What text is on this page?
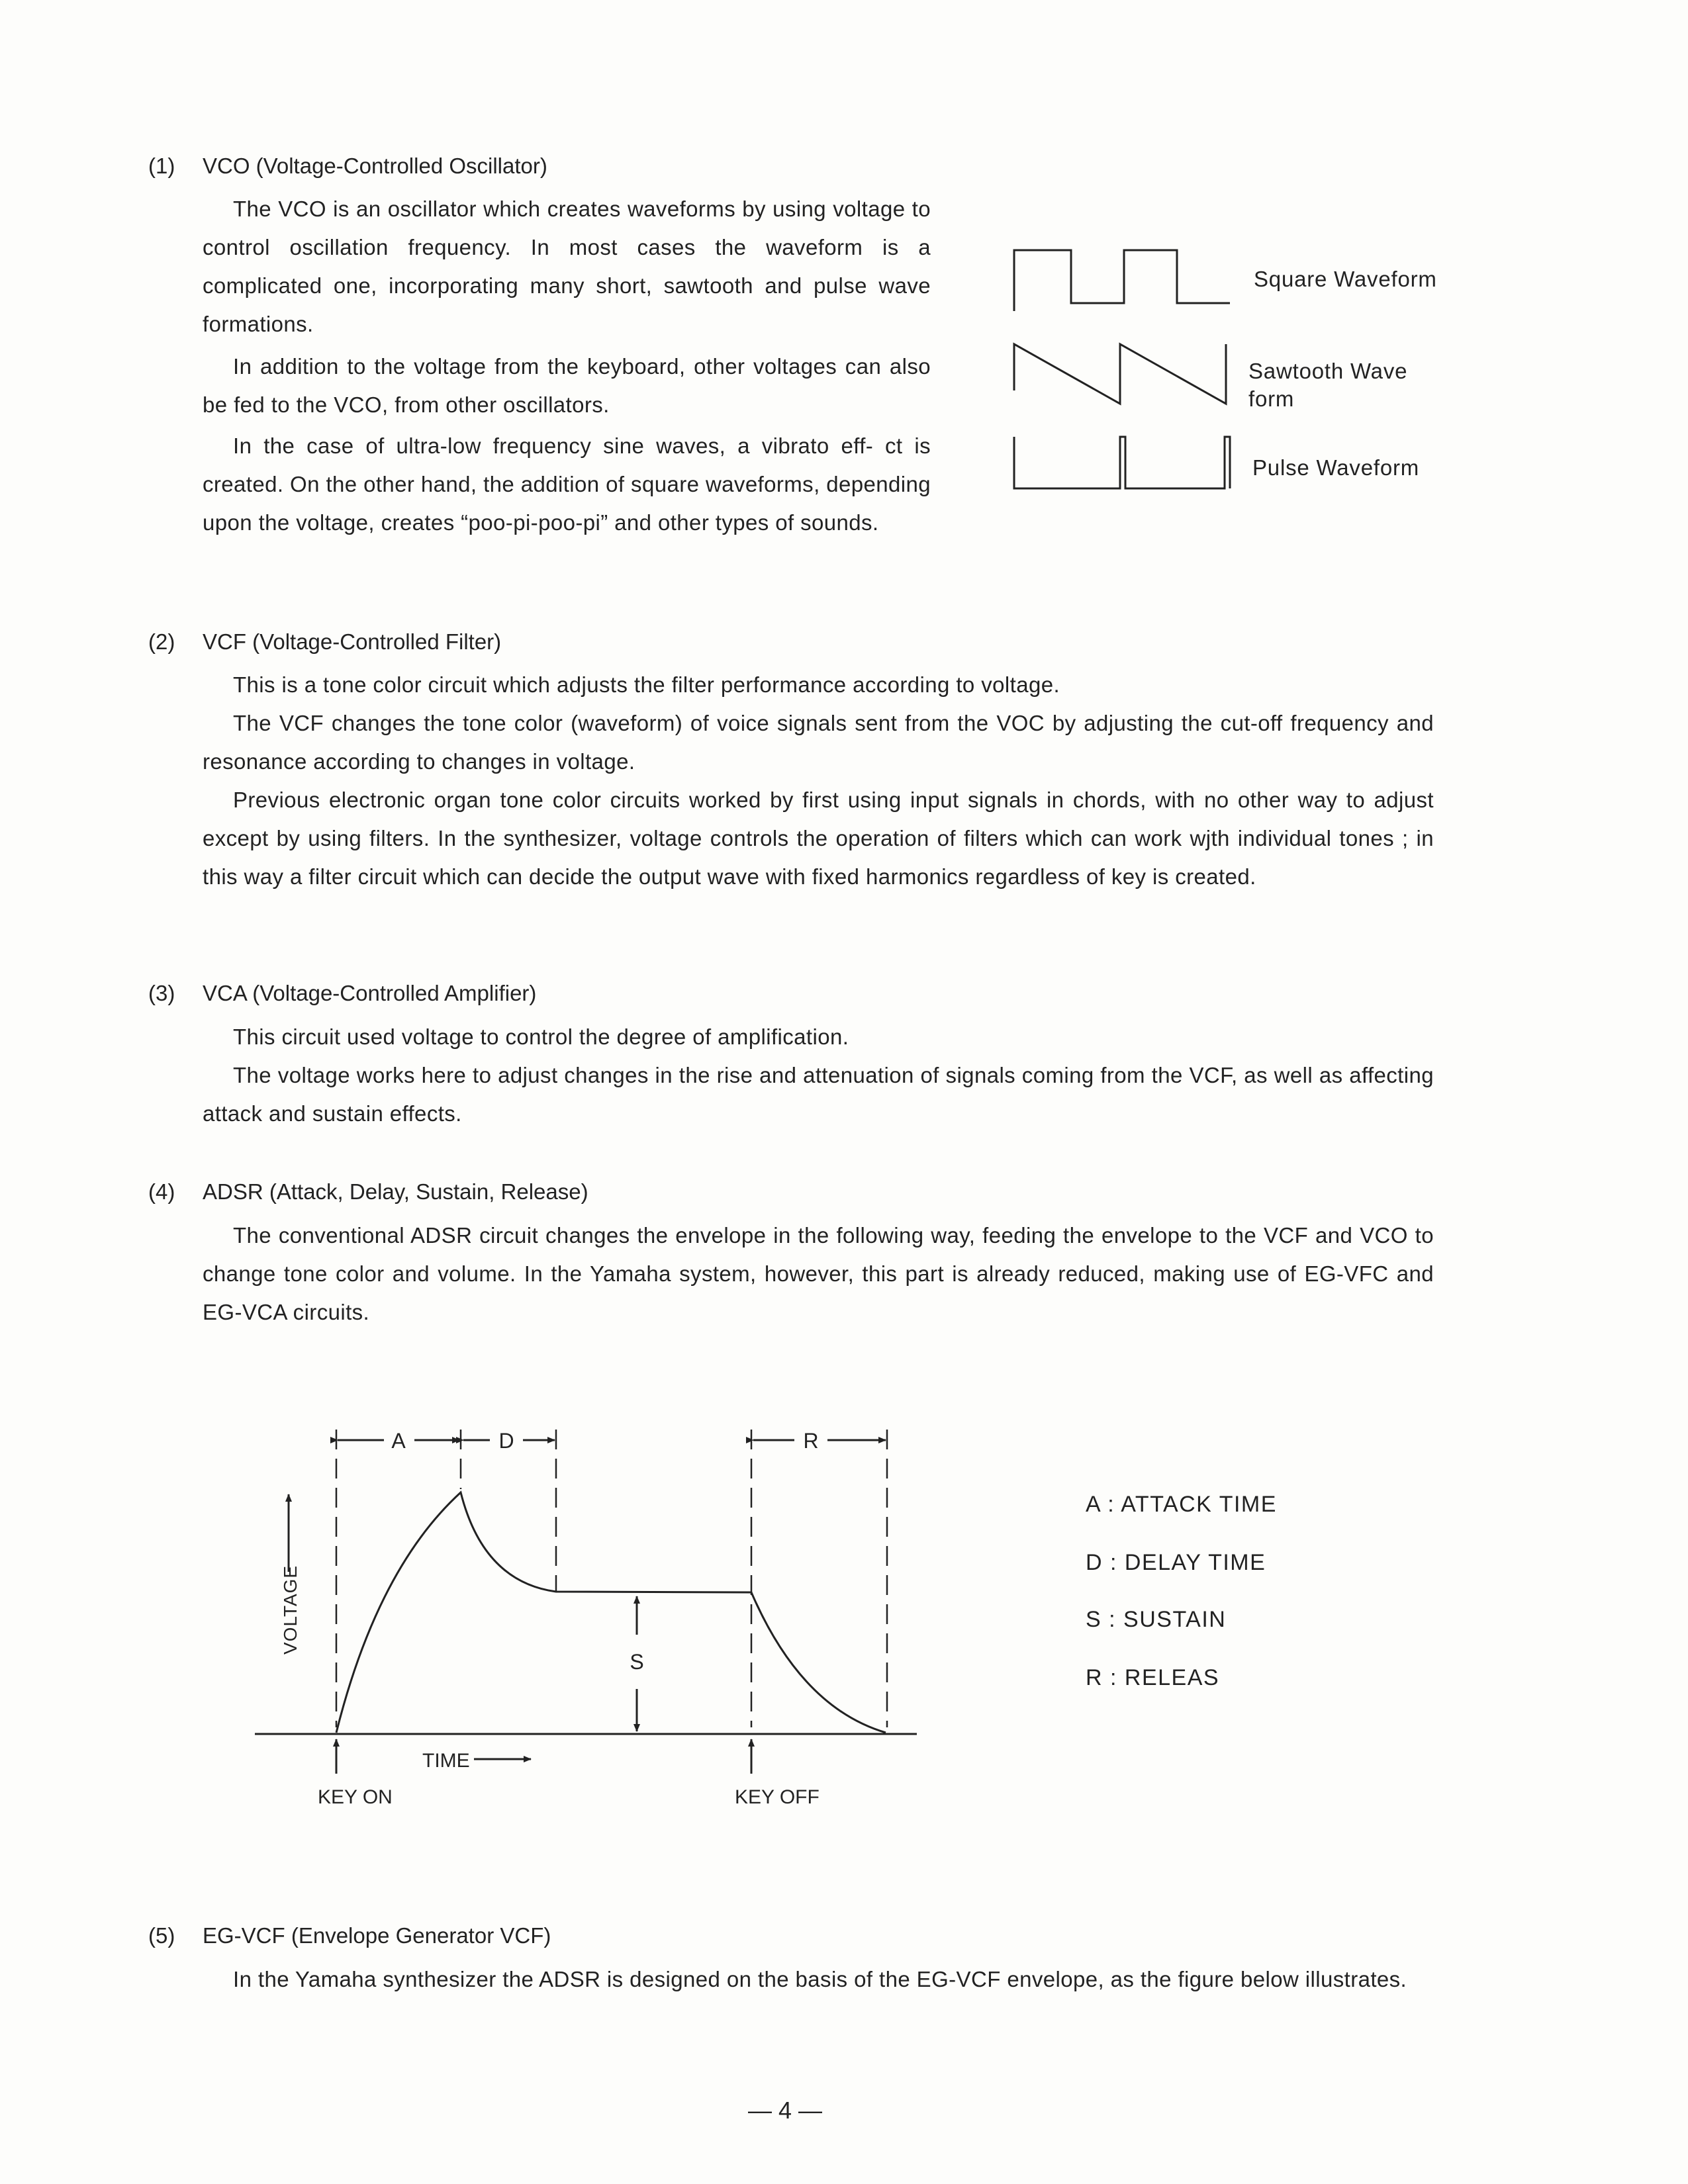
(1) VCO (Voltage-Controlled Oscillator)

The VCO is an oscillator which creates waveforms by using voltage to control oscillation frequency. In most cases the waveform is a complicated one, incorporating many short, sawtooth and pulse wave formations.

In addition to the voltage from the keyboard, other voltages can also be fed to the VCO, from other oscillators.

In the case of ultra-low frequency sine waves, a vibrato eff- ct is created. On the other hand, the addition of square waveforms, depending upon the voltage, creates “poo-pi-poo-pi” and other types of sounds.

Square Waveform
Sawtooth Wave form
Pulse Waveform
(2) VCF (Voltage-Controlled Filter)

This is a tone color circuit which adjusts the filter performance according to voltage.

The VCF changes the tone color (waveform) of voice signals sent from the VOC by adjusting the cut-off frequency and resonance according to changes in voltage.

Previous electronic organ tone color circuits worked by first using input signals in chords, with no other way to adjust except by using filters. In the synthesizer, voltage controls the operation of filters which can work wjth individual tones ; in this way a filter circuit which can decide the output wave with fixed harmonics regardless of key is created.

(3) VCA (Voltage-Controlled Amplifier)

This circuit used voltage to control the degree of amplification.

The voltage works here to adjust changes in the rise and attenuation of signals coming from the VCF, as well as affecting attack and sustain effects.

(4) ADSR (Attack, Delay, Sustain, Release)

The conventional ADSR circuit changes the envelope in the following way, feeding the envelope to the VCF and VCO to change tone color and volume. In the Yamaha system, however, this part is already reduced, making use of EG-VFC and EG-VCA circuits.

A	D	R
S
VOLTAGE
TIME
KEY ON	KEY OFF
A : ATTACK TIME
D : DELAY TIME
S : SUSTAIN
R : RELEAS
(5) EG-VCF (Envelope Generator VCF)

In the Yamaha synthesizer the ADSR is designed on the basis of the EG-VCF envelope, as the figure below illustrates.

— 4 —
